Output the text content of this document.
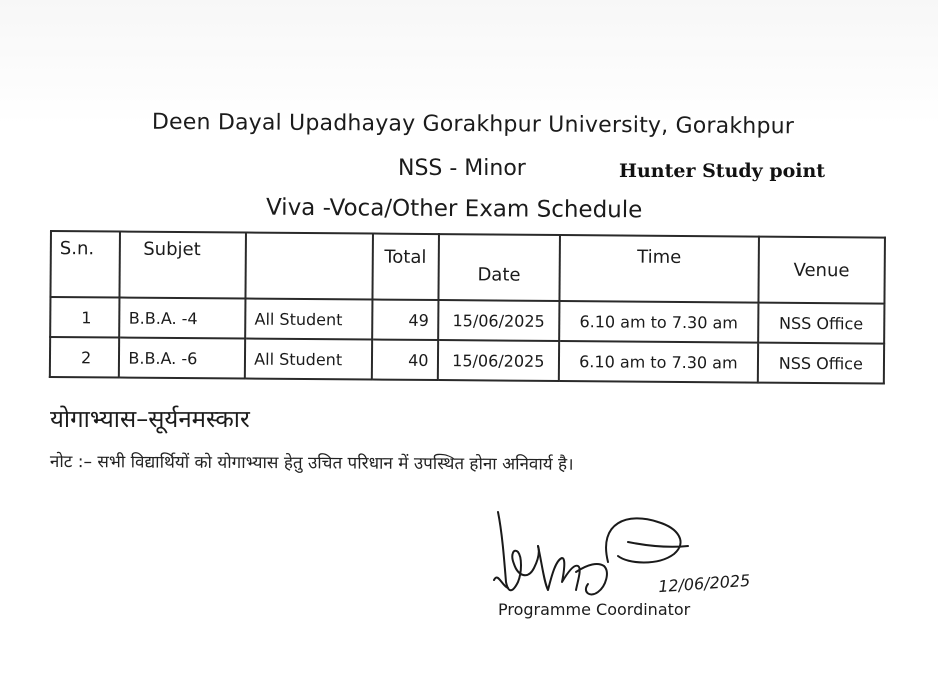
Deen Dayal Upadhayay Gorakhpur University, Gorakhpur
NSS - Minor	Hunter Study point
Viva -Voca/Other Exam Schedule
S.n.	Subjet		Total	Date	Time	Venue
1	B.B.A. -4	All Student	49	15/06/2025	6.10 am to 7.30 am	NSS Office
2	B.B.A. -6	All Student	40	15/06/2025	6.10 am to 7.30 am	NSS Office
योगाभ्यास–सूर्यनमस्कार
नोट :– सभी विद्यार्थियों को योगाभ्यास हेतु उचित परिधान में उपस्थित होना अनिवार्य है।
12/06/2025
Programme Coordinator
